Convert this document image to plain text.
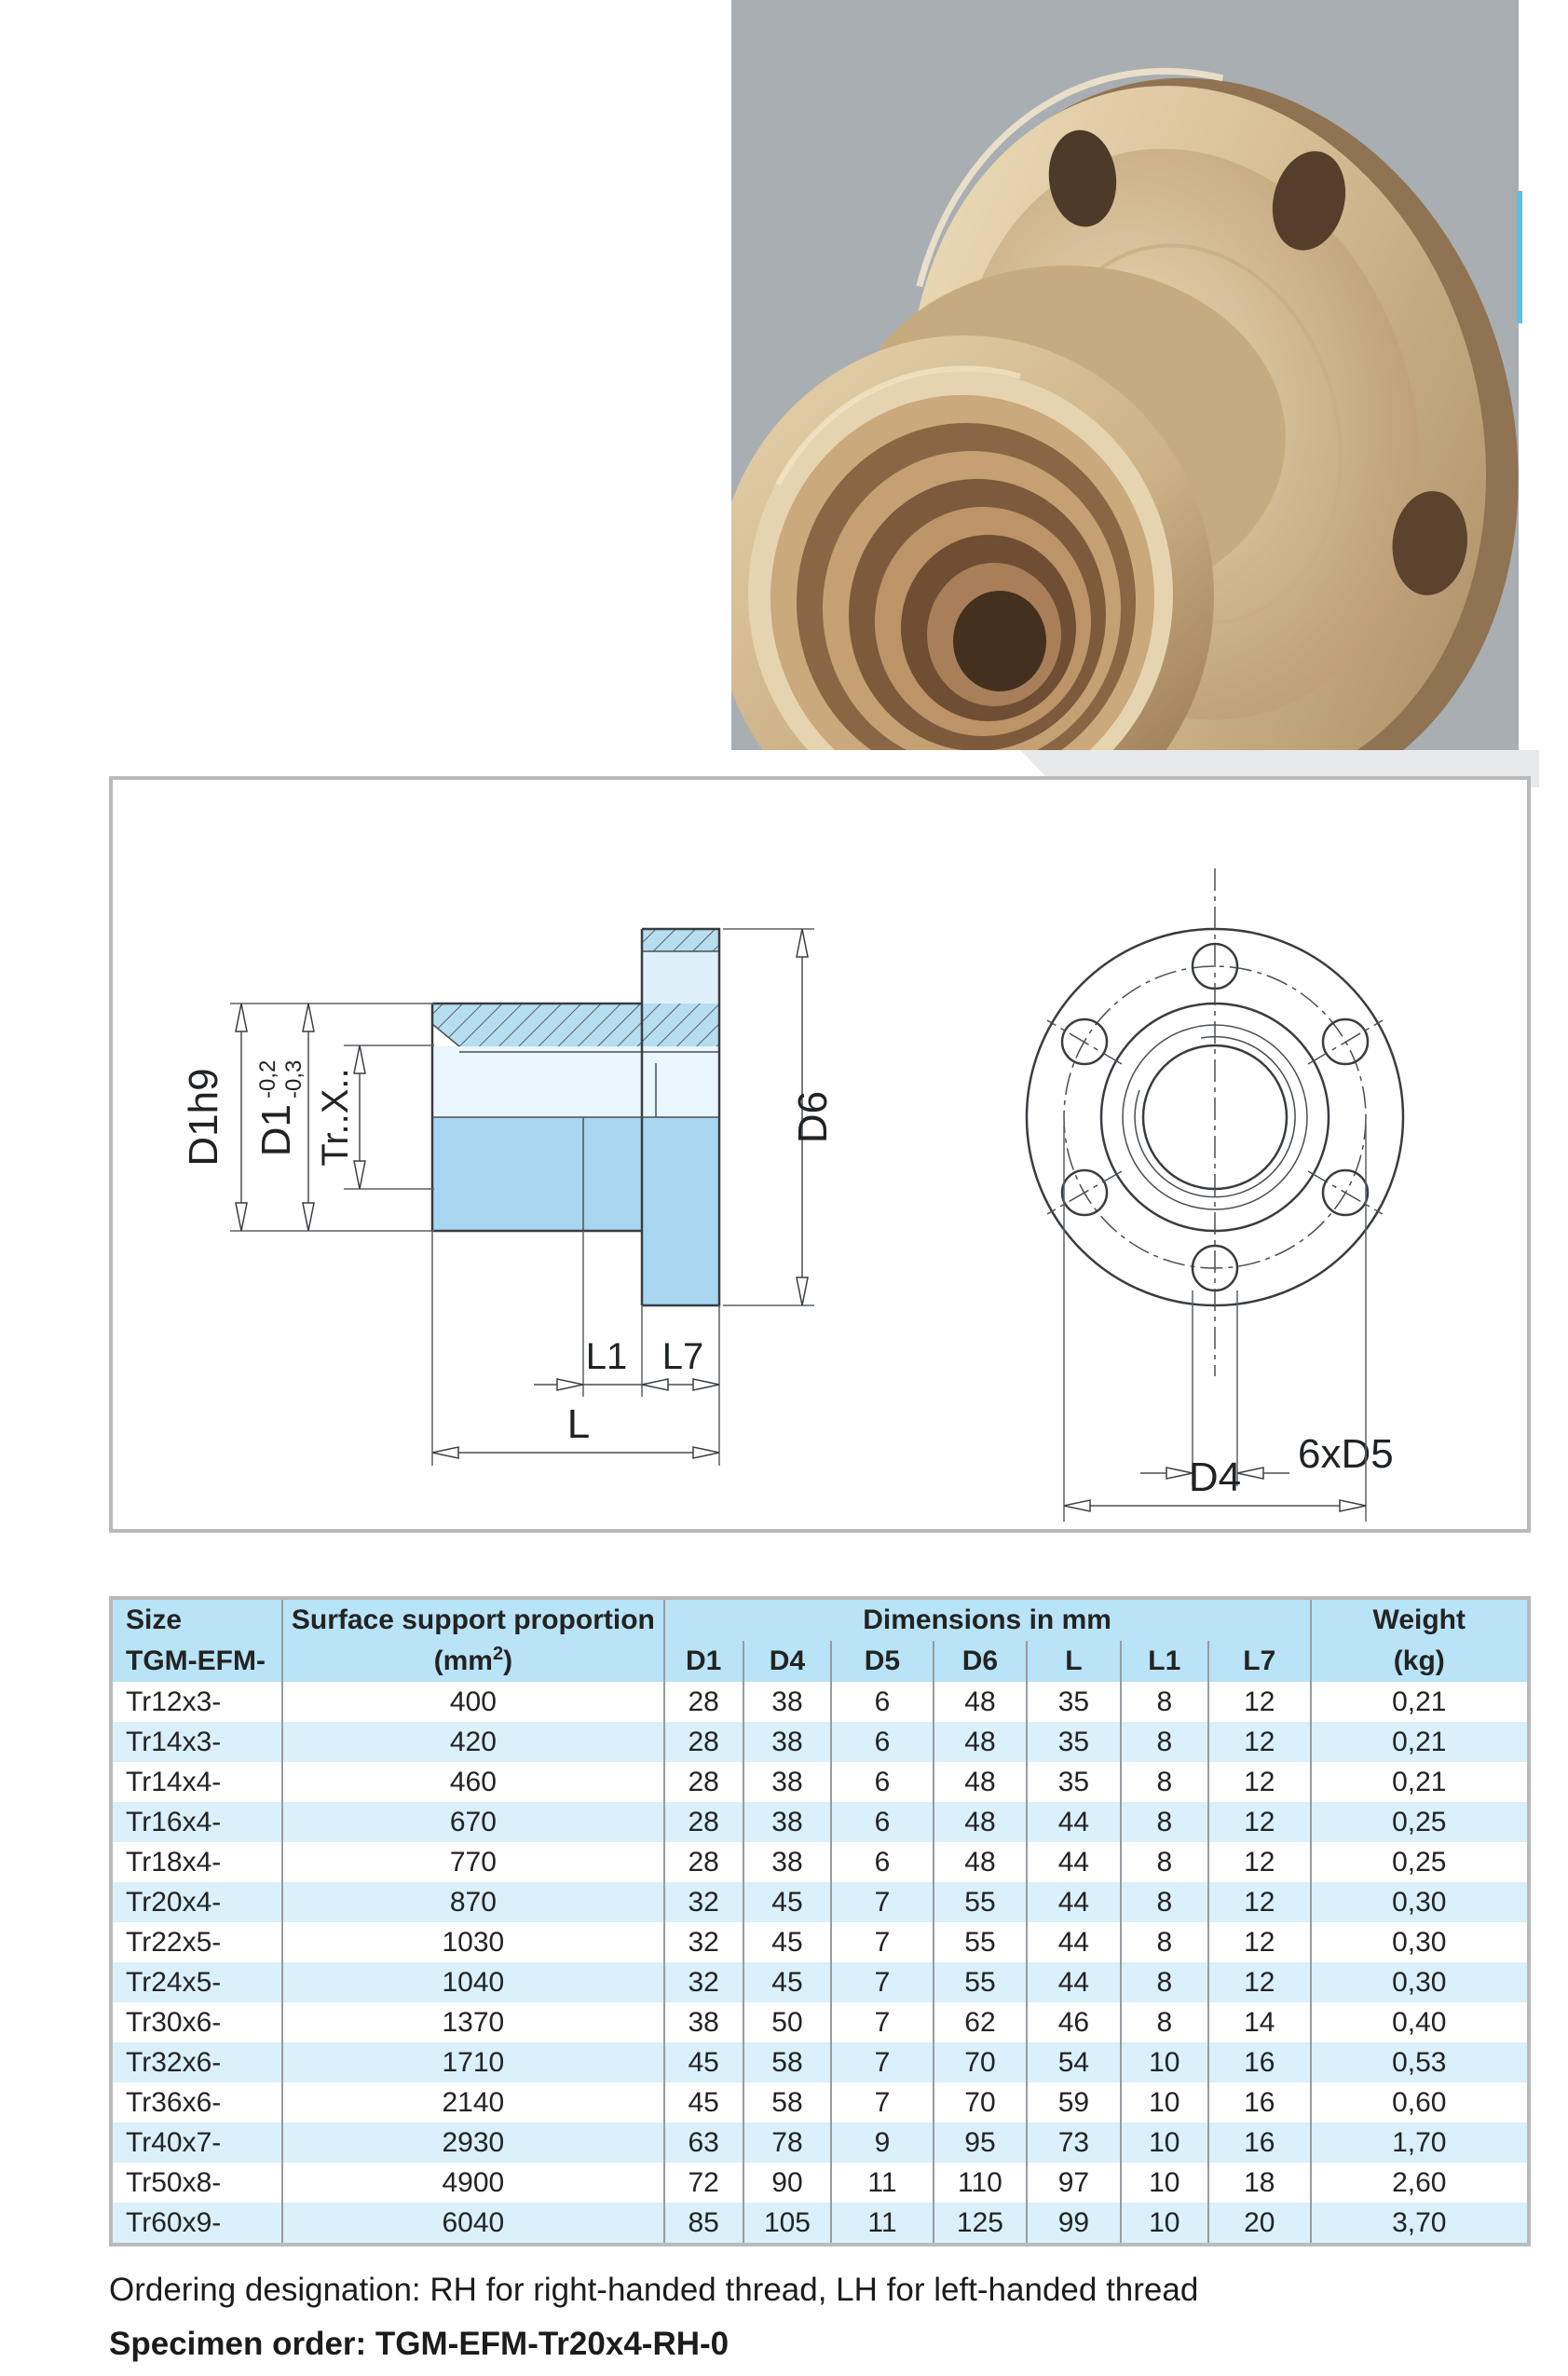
D1h9 D1
-0,2 -0,3 Tr..X..	D6
L1 L7
L
6xD5
D4
Size	Surface support proportion	Dimensions in mm							Weight
TGM-EFM-	$(mm^2)$	D1	D4	D5	D6	L	L1	L7	(kg)
Tr12x3-	400	28	38	6	48	35	8	12	0,21
Tr14x3-	420	28	38	6	48	35	8	12	0,21
Tr14x4-	460	28	38	6	48	35	8	12	0,21
Tr16x4-	670	28	38	6	48	44	8	12	0,25
Tr18x4-	770	28	38	6	48	44	8	12	0,25
Tr20x4-	870	32	45	7	55	44	8	12	0,30
Tr22x5-	1030	32	45	7	55	44	8	12	0,30
Tr24x5-	1040	32	45	7	55	44	8	12	0,30
Tr30x6-	1370	38	50	7	62	46	8	14	0,40
Tr32x6-	1710	45	58	7	70	54	10	16	0,53
Tr36x6-	2140	45	58	7	70	59	10	16	0,60
Tr40x7-	2930	63	78	9	95	73	10	16	1,70
Tr50x8-	4900	72	90	11	110	97	10	18	2,60
Tr60x9-	6040	85	105	11	125	99	10	20	3,70
Ordering designation: RH for right-handed thread, LH for left-handed thread
Specimen order: TGM-EFM-Tr20x4-RH-0
